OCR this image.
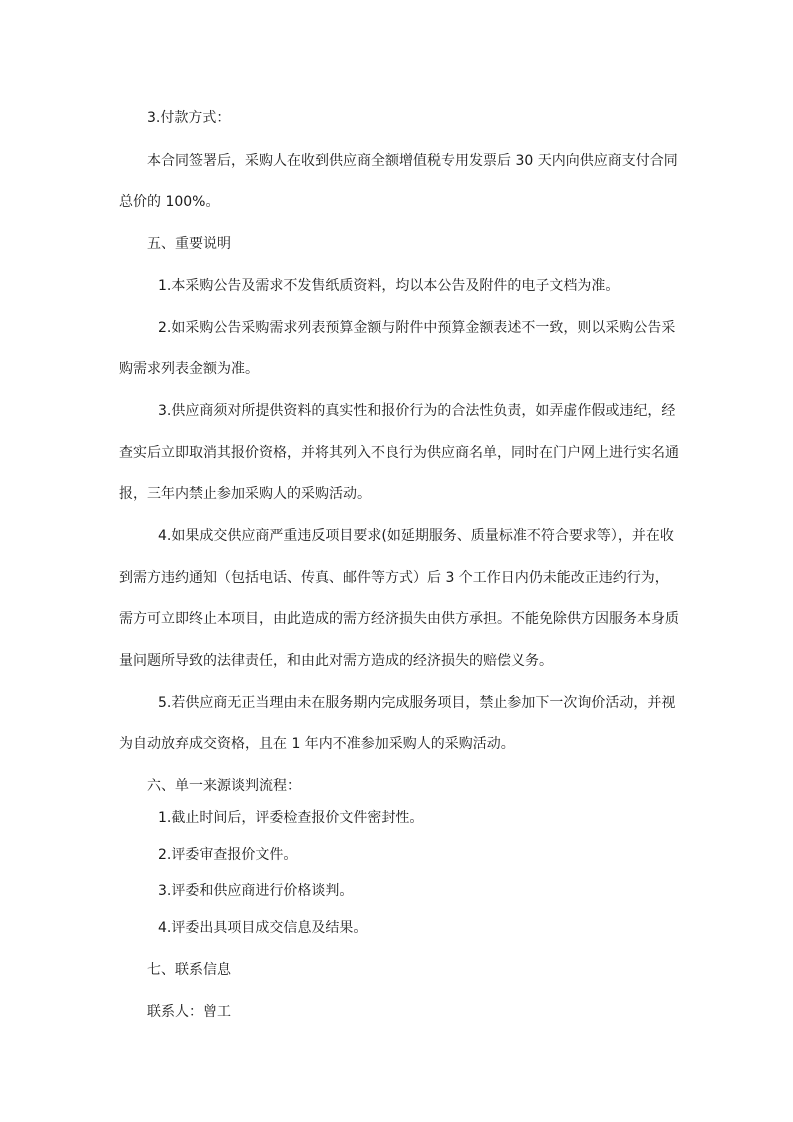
3.付款方式：

本合同签署后，采购人在收到供应商全额增值税专用发票后 30 天内向供应商支付合同

总价的 100%。

五、重要说明

1.本采购公告及需求不发售纸质资料，均以本公告及附件的电子文档为准。

2.如采购公告采购需求列表预算金额与附件中预算金额表述不一致，则以采购公告采

购需求列表金额为准。

3.供应商须对所提供资料的真实性和报价行为的合法性负责，如弄虚作假或违纪，经

查实后立即取消其报价资格，并将其列入不良行为供应商名单，同时在门户网上进行实名通

报，三年内禁止参加采购人的采购活动。

4.如果成交供应商严重违反项目要求(如延期服务、质量标准不符合要求等），并在收

到需方违约通知（包括电话、传真、邮件等方式）后 3 个工作日内仍未能改正违约行为，

需方可立即终止本项目，由此造成的需方经济损失由供方承担。不能免除供方因服务本身质

量问题所导致的法律责任，和由此对需方造成的经济损失的赔偿义务。

5.若供应商无正当理由未在服务期内完成服务项目，禁止参加下一次询价活动，并视

为自动放弃成交资格，且在 1 年内不准参加采购人的采购活动。

六、单一来源谈判流程：

1.截止时间后，评委检查报价文件密封性。

2.评委审查报价文件。

3.评委和供应商进行价格谈判。

4.评委出具项目成交信息及结果。

七、联系信息

联系人：曾工
